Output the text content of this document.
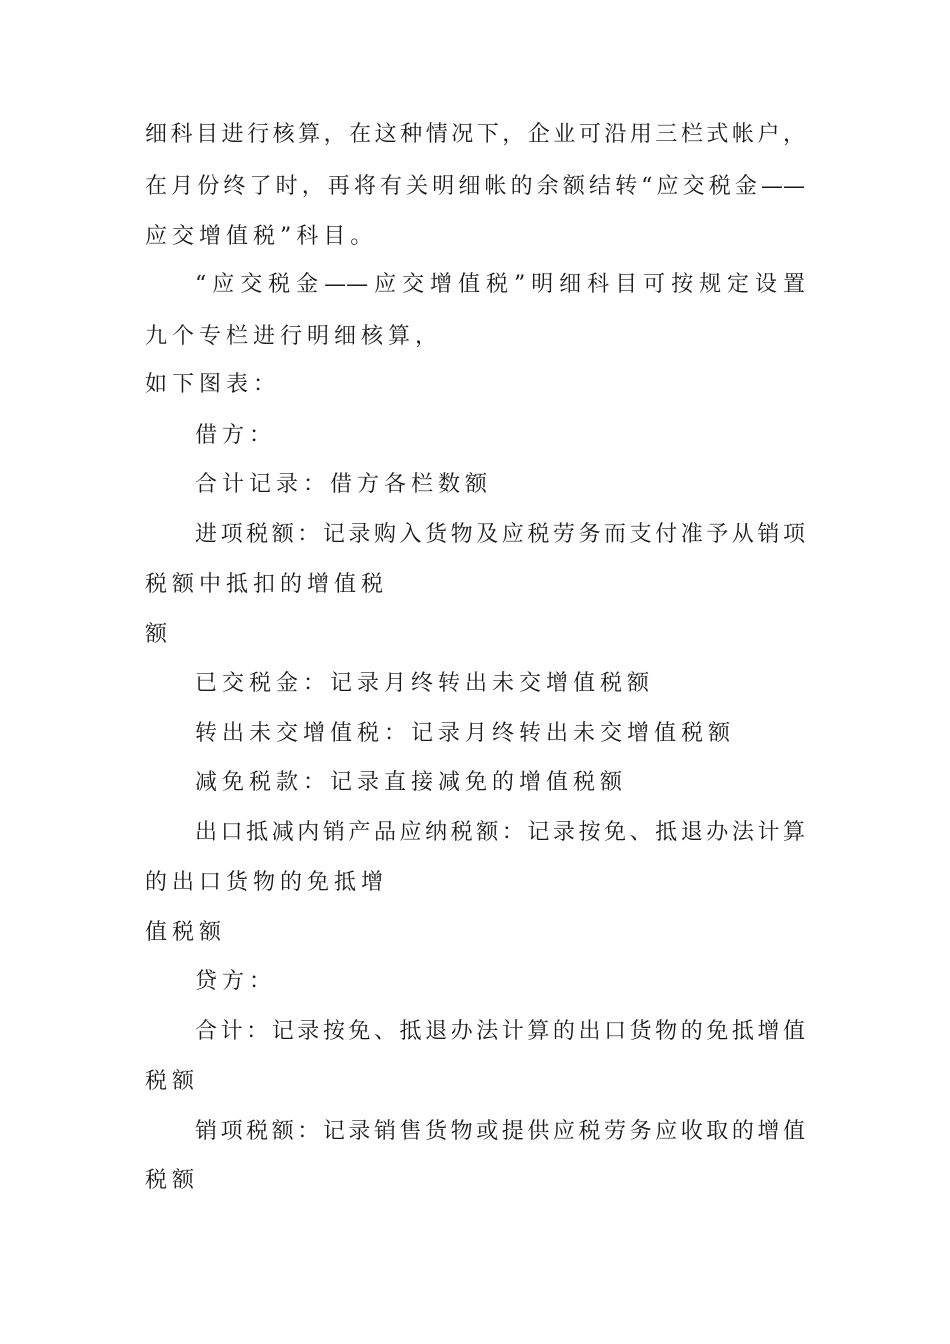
细科目进行核算，在这种情况下，企业可沿用三栏式帐户，
在月份终了时，再将有关明细帐的余额结转“应交税金——
应交增值税”科目。
“应交税金——应交增值税”明细科目可按规定设置
九个专栏进行明细核算，
如下图表：
借方：
合计记录：借方各栏数额
进项税额：记录购入货物及应税劳务而支付准予从销项
税额中抵扣的增值税
额
已交税金：记录月终转出未交增值税额
转出未交增值税：记录月终转出未交增值税额
减免税款：记录直接减免的增值税额
出口抵减内销产品应纳税额：记录按免、抵退办法计算
的出口货物的免抵增
值税额
贷方：
合计：记录按免、抵退办法计算的出口货物的免抵增值
税额
销项税额：记录销售货物或提供应税劳务应收取的增值
税额
